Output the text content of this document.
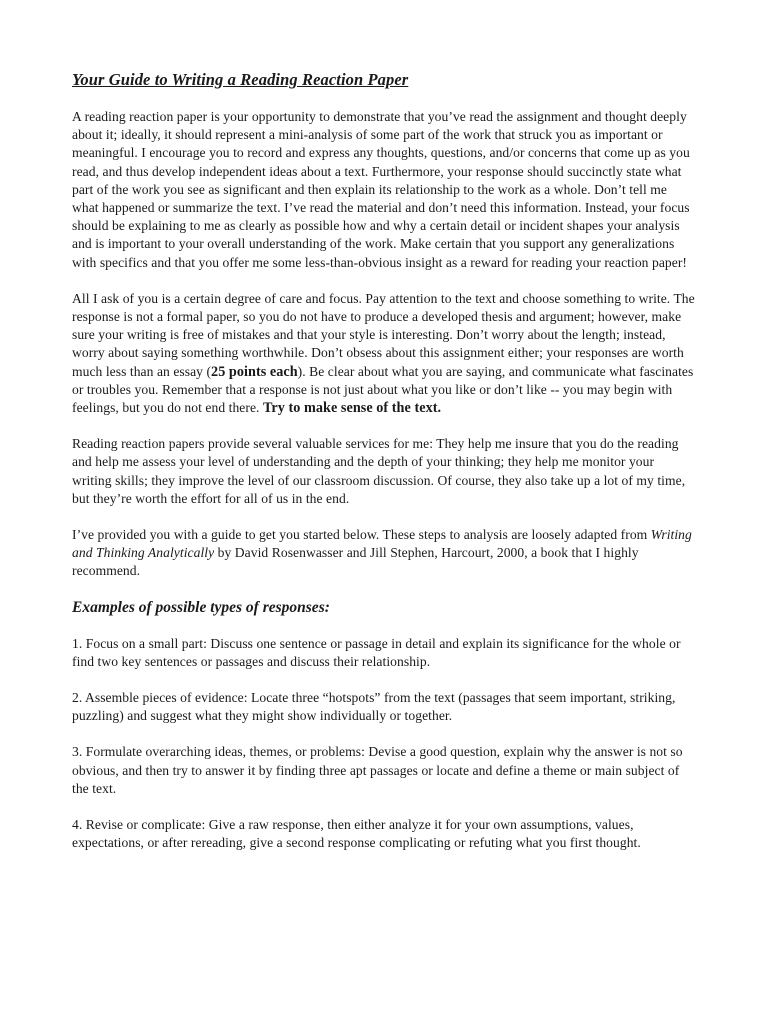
Your Guide to Writing a Reading Reaction Paper

A reading reaction paper is your opportunity to demonstrate that you’ve read the assignment and thought deeply about it; ideally, it should represent a mini-analysis of some part of the work that struck you as important or meaningful. I encourage you to record and express any thoughts, questions, and/or concerns that come up as you read, and thus develop independent ideas about a text. Furthermore, your response should succinctly state what part of the work you see as significant and then explain its relationship to the work as a whole. Don’t tell me what happened or summarize the text. I’ve read the material and don’t need this information. Instead, your focus should be explaining to me as clearly as possible how and why a certain detail or incident shapes your analysis and is important to your overall understanding of the work. Make certain that you support any generalizations with specifics and that you offer me some less-than-obvious insight as a reward for reading your reaction paper!

All I ask of you is a certain degree of care and focus. Pay attention to the text and choose something to write. The response is not a formal paper, so you do not have to produce a developed thesis and argument; however, make sure your writing is free of mistakes and that your style is interesting. Don’t worry about the length; instead, worry about saying something worthwhile. Don’t obsess about this assignment either; your responses are worth much less than an essay (25 points each). Be clear about what you are saying, and communicate what fascinates or troubles you. Remember that a response is not just about what you like or don’t like -- you may begin with feelings, but you do not end there. Try to make sense of the text.

Reading reaction papers provide several valuable services for me: They help me insure that you do the reading and help me assess your level of understanding and the depth of your thinking; they help me monitor your writing skills; they improve the level of our classroom discussion. Of course, they also take up a lot of my time, but they’re worth the effort for all of us in the end.

I’ve provided you with a guide to get you started below. These steps to analysis are loosely adapted from Writing and Thinking Analytically by David Rosenwasser and Jill Stephen, Harcourt, 2000, a book that I highly recommend.

Examples of possible types of responses:

1. Focus on a small part: Discuss one sentence or passage in detail and explain its significance for the whole or find two key sentences or passages and discuss their relationship.

2. Assemble pieces of evidence: Locate three “hotspots” from the text (passages that seem important, striking, puzzling) and suggest what they might show individually or together.

3. Formulate overarching ideas, themes, or problems: Devise a good question, explain why the answer is not so obvious, and then try to answer it by finding three apt passages or locate and define a theme or main subject of the text.

4. Revise or complicate: Give a raw response, then either analyze it for your own assumptions, values, expectations, or after rereading, give a second response complicating or refuting what you first thought.
